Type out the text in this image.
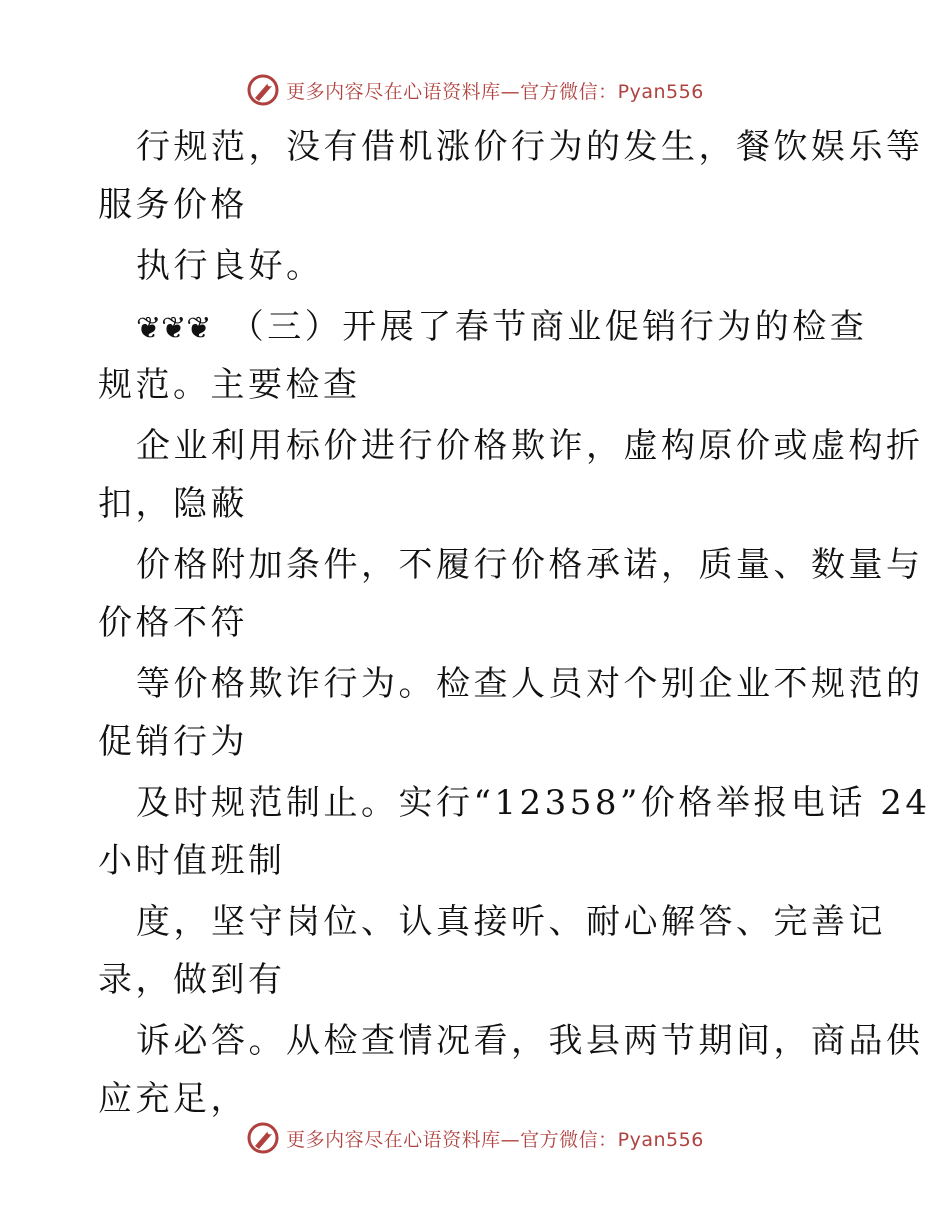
更多内容尽在心语资料库—官方微信：Pyan556
行规范，没有借机涨价行为的发生，餐饮娱乐等
服务价格
执行良好。
❦❦❦ （三）开展了春节商业促销行为的检查
规范。主要检查
企业利用标价进行价格欺诈，虚构原价或虚构折
扣，隐蔽
价格附加条件，不履行价格承诺，质量、数量与
价格不符
等价格欺诈行为。检查人员对个别企业不规范的
促销行为
及时规范制止。实行“12358”价格举报电话 24
小时值班制
度，坚守岗位、认真接听、耐心解答、完善记
录，做到有
诉必答。从检查情况看，我县两节期间，商品供
应充足，
更多内容尽在心语资料库—官方微信：Pyan556
